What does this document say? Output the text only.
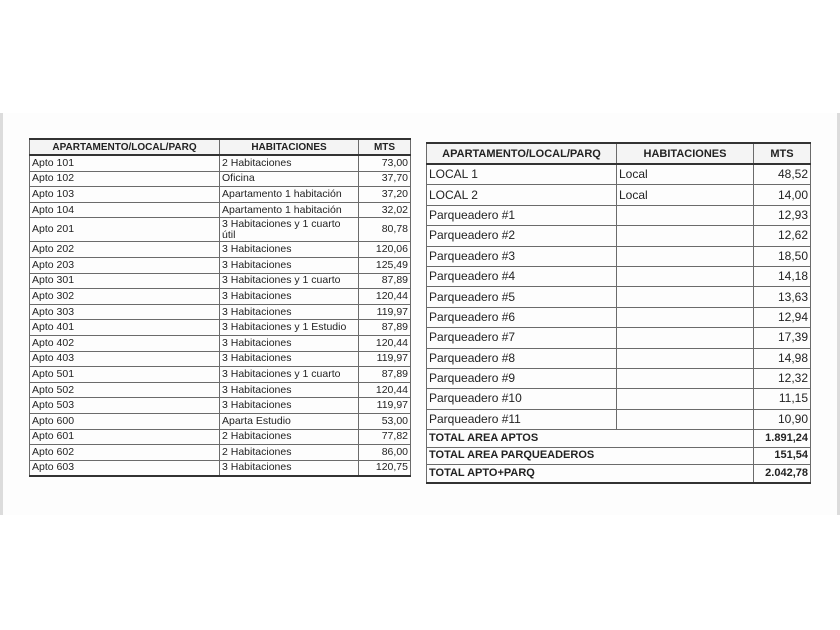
APARTAMENTO/LOCAL/PARQ	HABITACIONES	MTS
Apto 101	2 Habitaciones	73,00
Apto 102	Oficina	37,70
Apto 103	Apartamento 1 habitación	37,20
Apto 104	Apartamento 1 habitación	32,02
Apto 201	3 Habitaciones y 1 cuarto útil	80,78
Apto 202	3 Habitaciones	120,06
Apto 203	3 Habitaciones	125,49
Apto 301	3 Habitaciones y 1 cuarto	87,89
Apto 302	3 Habitaciones	120,44
Apto 303	3 Habitaciones	119,97
Apto 401	3 Habitaciones y 1 Estudio	87,89
Apto 402	3 Habitaciones	120,44
Apto 403	3 Habitaciones	119,97
Apto 501	3 Habitaciones y 1 cuarto	87,89
Apto 502	3 Habitaciones	120,44
Apto 503	3 Habitaciones	119,97
Apto 600	Aparta Estudio	53,00
Apto 601	2 Habitaciones	77,82
Apto 602	2 Habitaciones	86,00
Apto 603	3 Habitaciones	120,75
APARTAMENTO/LOCAL/PARQ	HABITACIONES	MTS
LOCAL 1	Local	48,52
LOCAL 2	Local	14,00
Parqueadero #1		12,93
Parqueadero #2		12,62
Parqueadero #3		18,50
Parqueadero #4		14,18
Parqueadero #5		13,63
Parqueadero #6		12,94
Parqueadero #7		17,39
Parqueadero #8		14,98
Parqueadero #9		12,32
Parqueadero #10		11,15
Parqueadero #11		10,90
TOTAL AREA APTOS		1.891,24
TOTAL AREA PARQUEADEROS		151,54
TOTAL APTO+PARQ		2.042,78
